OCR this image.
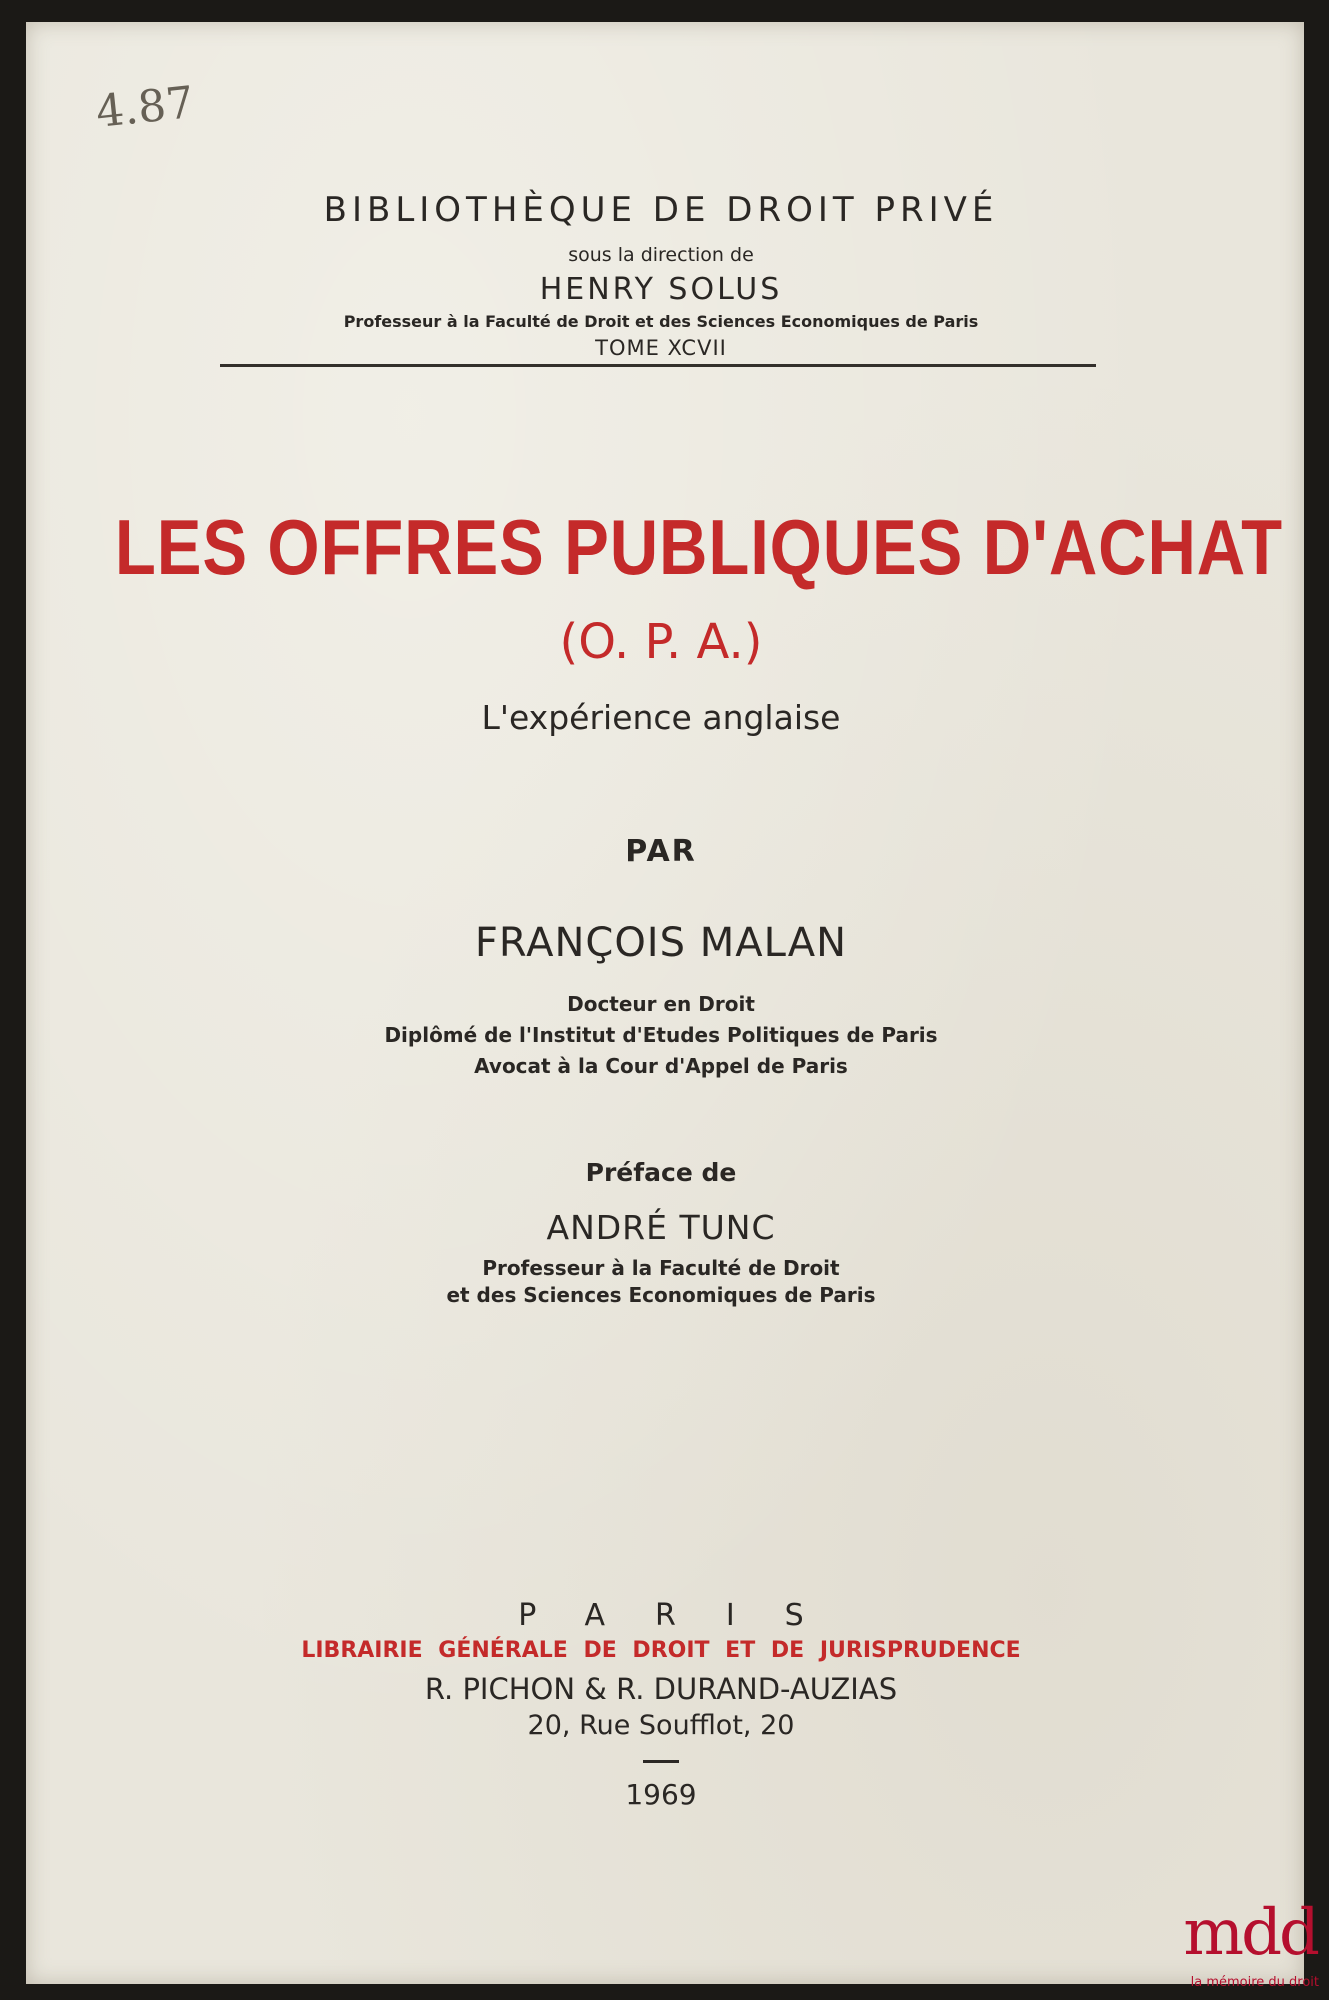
4.87
BIBLIOTHÈQUE DE DROIT PRIVÉ
sous la direction de
HENRY SOLUS
Professeur à la Faculté de Droit et des Sciences Economiques de Paris
TOME XCVII
LES OFFRES PUBLIQUES D'ACHAT
(O. P. A.)
L'expérience anglaise
PAR
FRANÇOIS MALAN
Docteur en Droit
Diplômé de l'Institut d'Etudes Politiques de Paris
Avocat à la Cour d'Appel de Paris
Préface de
ANDRÉ TUNC
Professeur à la Faculté de Droit
et des Sciences Economiques de Paris
PARIS
LIBRAIRIE GÉNÉRALE DE DROIT ET DE JURISPRUDENCE
R. PICHON & R. DURAND-AUZIAS
20, Rue Soufflot, 20
1969
mdd
la mémoire du droit
